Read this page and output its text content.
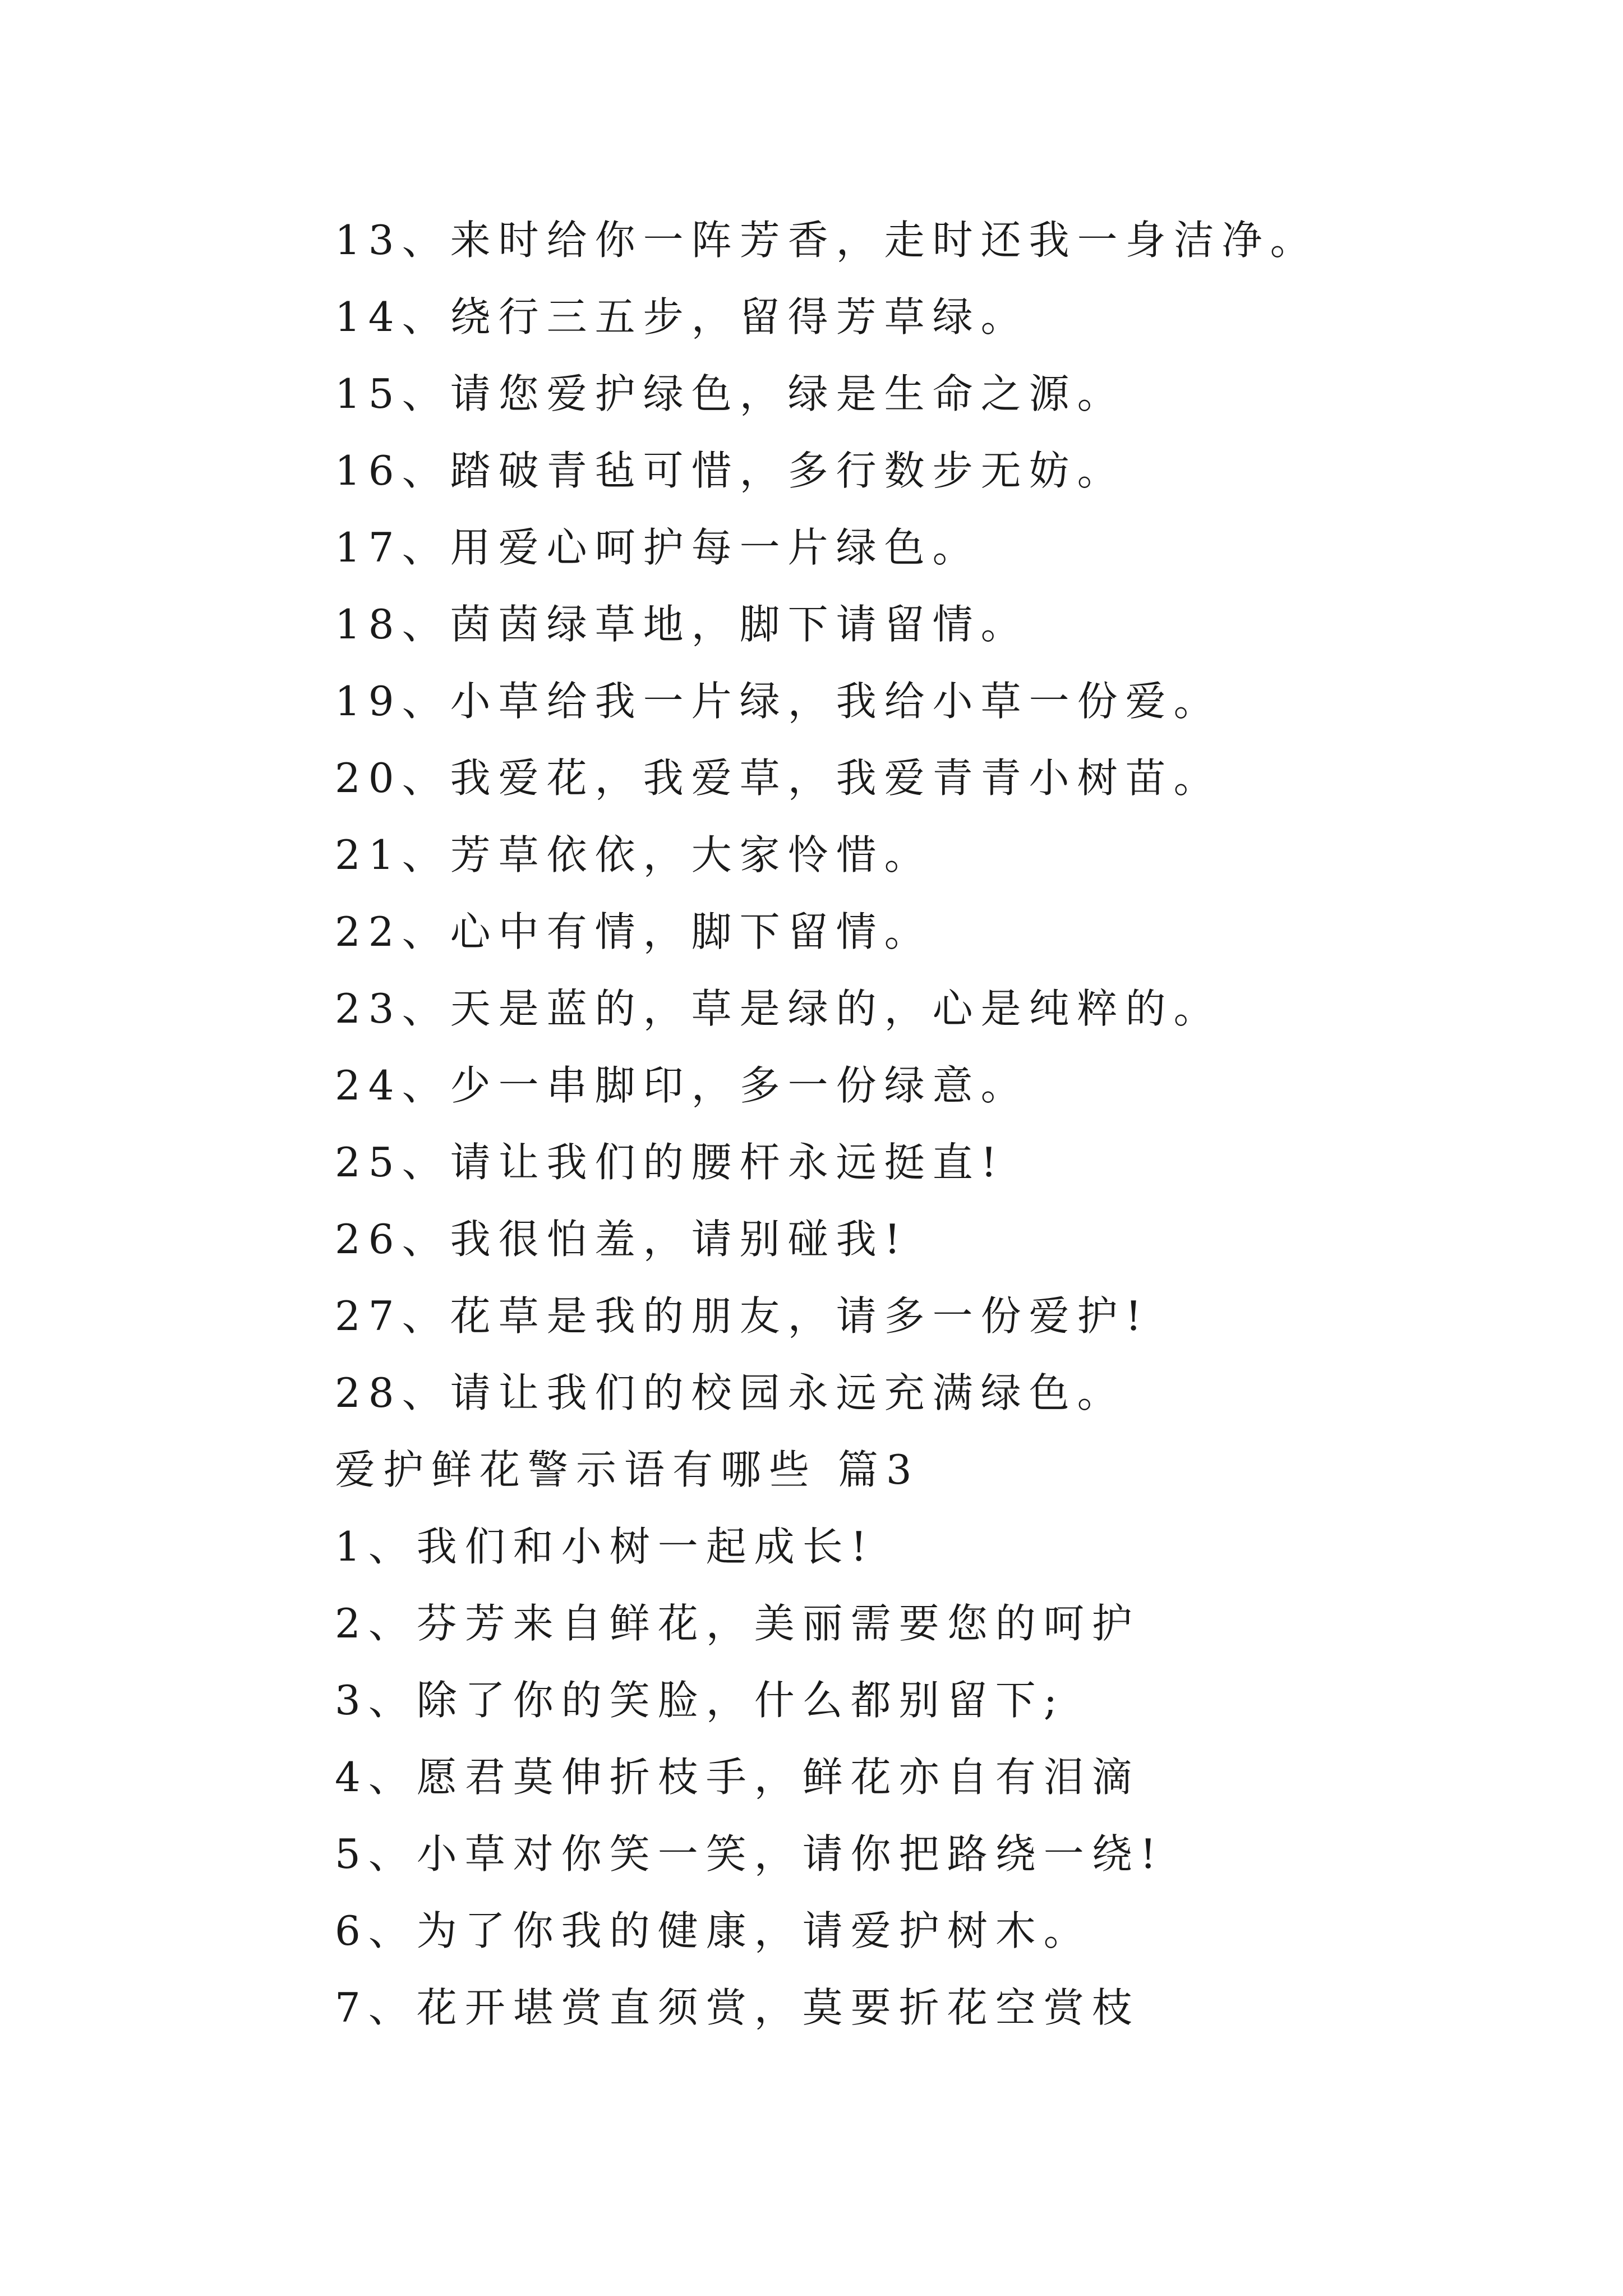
13、来时给你一阵芳香，走时还我一身洁净。
14、绕行三五步，留得芳草绿。
15、请您爱护绿色，绿是生命之源。
16、踏破青毡可惜，多行数步无妨。
17、用爱心呵护每一片绿色。
18、茵茵绿草地，脚下请留情。
19、小草给我一片绿，我给小草一份爱。
20、我爱花，我爱草，我爱青青小树苗。
21、芳草依依，大家怜惜。
22、心中有情，脚下留情。
23、天是蓝的，草是绿的，心是纯粹的。
24、少一串脚印，多一份绿意。
25、请让我们的腰杆永远挺直!
26、我很怕羞，请别碰我!
27、花草是我的朋友，请多一份爱护!
28、请让我们的校园永远充满绿色。
爱护鲜花警示语有哪些 篇3
1、我们和小树一起成长!
2、芬芳来自鲜花，美丽需要您的呵护
3、除了你的笑脸，什么都别留下;
4、愿君莫伸折枝手，鲜花亦自有泪滴
5、小草对你笑一笑，请你把路绕一绕!
6、为了你我的健康，请爱护树木。
7、花开堪赏直须赏，莫要折花空赏枝
